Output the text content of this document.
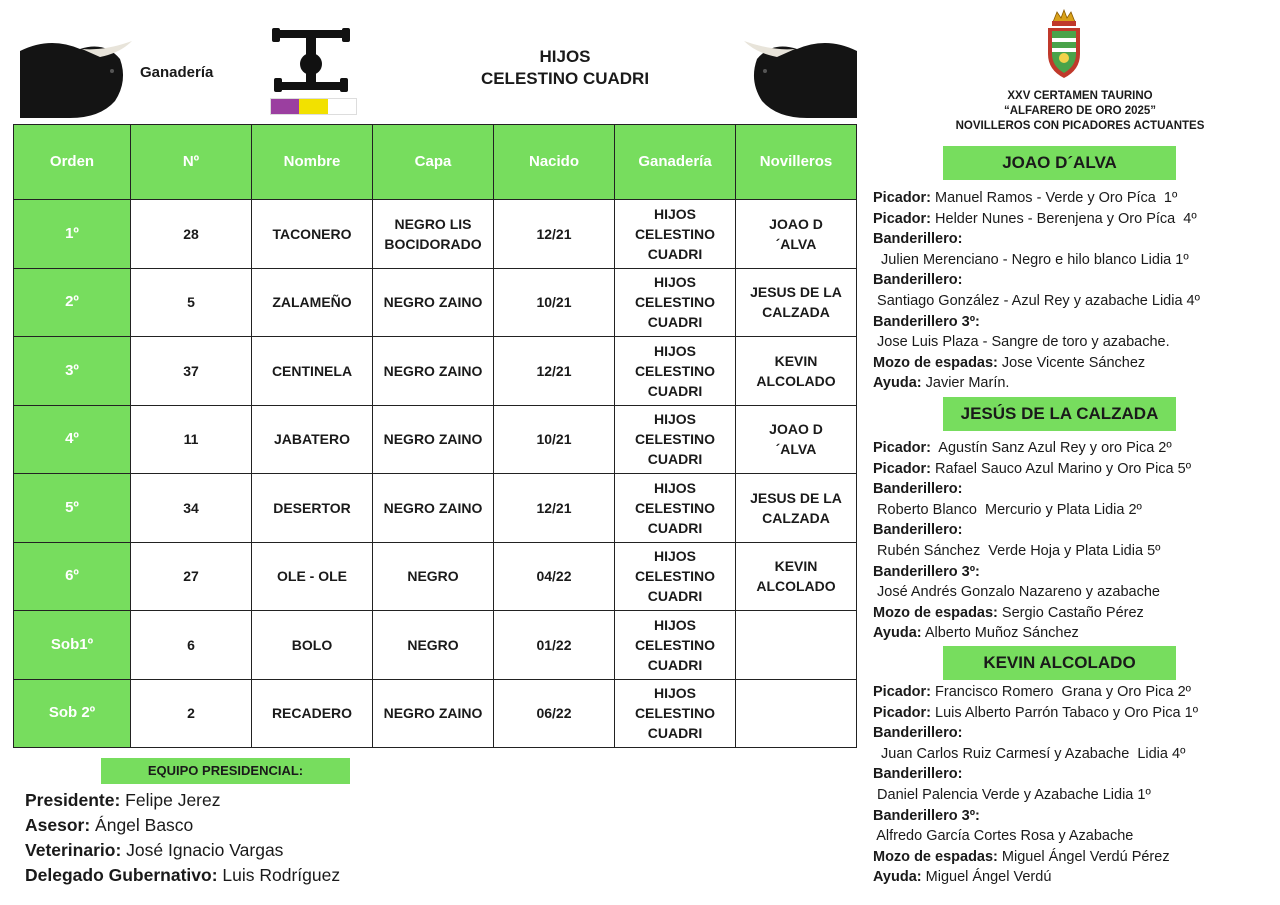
Ganadería
HIJOS
CELESTINO CUADRI
Orden	Nº	Nombre	Capa	Nacido	Ganadería	Novilleros
1º	28	TACONERO	NEGRO LIS BOCIDORADO	12/21	HIJOS CELESTINO CUADRI	JOAO D´ALVA
2º	5	ZALAMEÑO	NEGRO ZAINO	10/21	HIJOS CELESTINO CUADRI	JESUS DE LA CALZADA
3º	37	CENTINELA	NEGRO ZAINO	12/21	HIJOS CELESTINO CUADRI	KEVIN ALCOLADO
4º	11	JABATERO	NEGRO ZAINO	10/21	HIJOS CELESTINO CUADRI	JOAO D´ALVA
5º	34	DESERTOR	NEGRO ZAINO	12/21	HIJOS CELESTINO CUADRI	JESUS DE LA CALZADA
6º	27	OLE - OLE	NEGRO	04/22	HIJOS CELESTINO CUADRI	KEVIN ALCOLADO
Sob1º	6	BOLO	NEGRO	01/22	HIJOS CELESTINO CUADRI	
Sob 2º	2	RECADERO	NEGRO ZAINO	06/22	HIJOS CELESTINO CUADRI	
EQUIPO PRESIDENCIAL:
Presidente: Felipe Jerez
Asesor: Ángel Basco
Veterinario: José Ignacio Vargas
Delegado Gubernativo: Luis Rodríguez
XXV CERTAMEN TAURINO
“ALFARERO DE ORO 2025”
NOVILLEROS CON PICADORES ACTUANTES
JOAO D´ALVA
Picador: Manuel Ramos - Verde y Oro Píca  1º
Picador: Helder Nunes - Berenjena y Oro Píca  4º
Banderillero:
Julien Merenciano - Negro e hilo blanco Lidia 1º
Banderillero:
Santiago González - Azul Rey y azabache Lidia 4º
Banderillero 3º:
Jose Luis Plaza - Sangre de toro y azabache.
Mozo de espadas: Jose Vicente Sánchez
Ayuda: Javier Marín.
JESÚS DE LA CALZADA
Picador:  Agustín Sanz Azul Rey y oro Pica 2º
Picador: Rafael Sauco Azul Marino y Oro Pica 5º
Banderillero:
Roberto Blanco  Mercurio y Plata Lidia 2º
Banderillero:
Rubén Sánchez  Verde Hoja y Plata Lidia 5º
Banderillero 3º:
José Andrés Gonzalo Nazareno y azabache
Mozo de espadas: Sergio Castaño Pérez
Ayuda: Alberto Muñoz Sánchez
KEVIN ALCOLADO
Picador: Francisco Romero  Grana y Oro Pica 2º
Picador: Luis Alberto Parrón Tabaco y Oro Pica 1º
Banderillero:
Juan Carlos Ruiz Carmesí y Azabache  Lidia 4º
Banderillero:
Daniel Palencia Verde y Azabache Lidia 1º
Banderillero 3º:
Alfredo García Cortes Rosa y Azabache
Mozo de espadas: Miguel Ángel Verdú Pérez
Ayuda: Miguel Ángel Verdú
